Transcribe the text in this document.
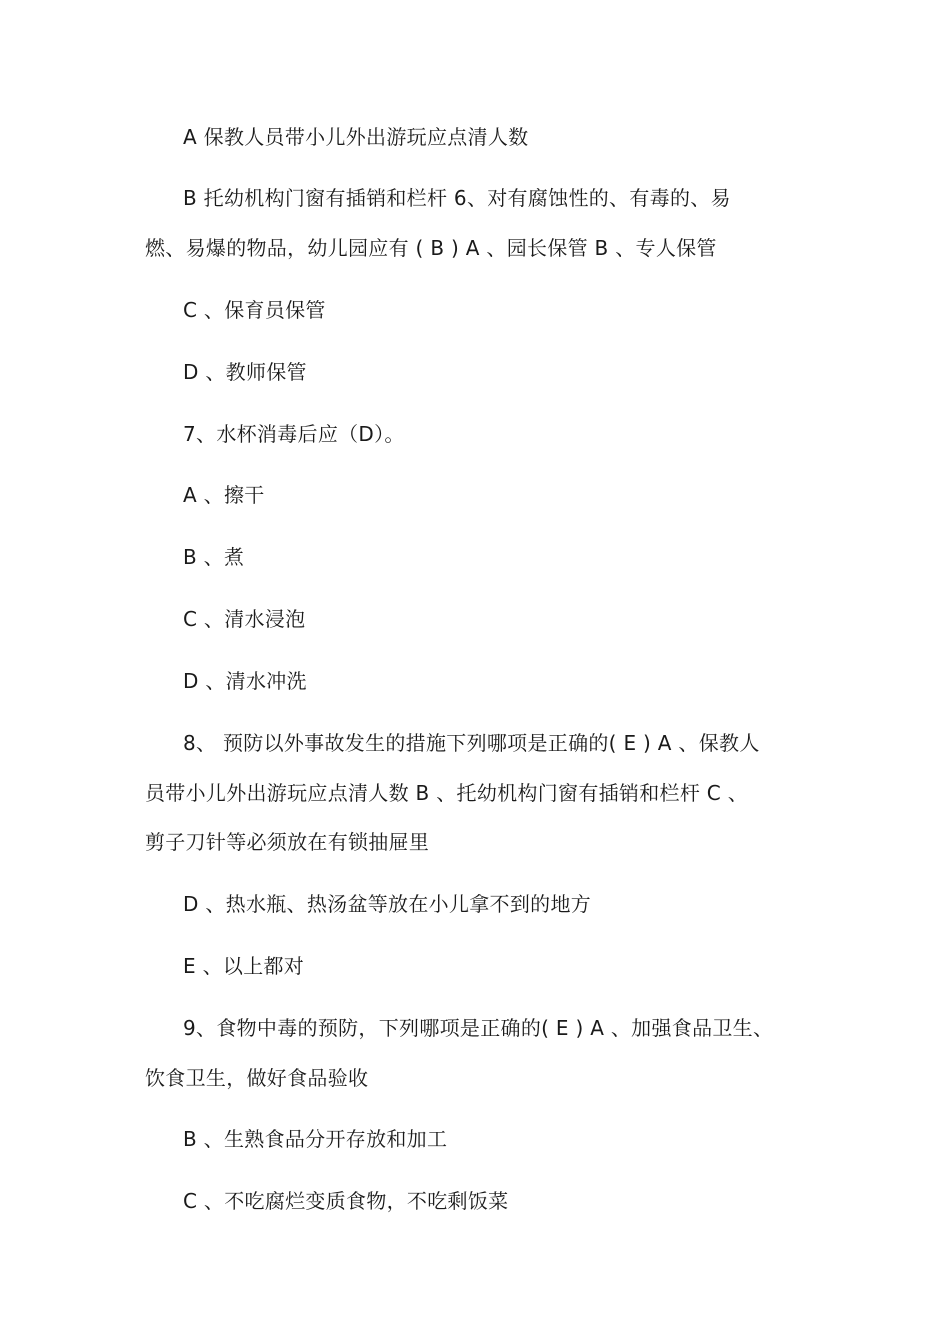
A 保教人员带小儿外出游玩应点清人数
B 托幼机构门窗有插销和栏杆 6、对有腐蚀性的、有毒的、易
燃、易爆的物品，幼儿园应有 ( B ) A 、园长保管 B 、专人保管
C 、保育员保管
D 、教师保管
7、水杯消毒后应（D）。
A 、擦干
B 、煮
C 、清水浸泡
D 、清水冲洗
8、 预防以外事故发生的措施下列哪项是正确的( E ) A 、保教人
员带小儿外出游玩应点清人数 B 、托幼机构门窗有插销和栏杆 C 、
剪子刀针等必须放在有锁抽屉里
D 、热水瓶、热汤盆等放在小儿拿不到的地方
E 、以上都对
9、食物中毒的预防，下列哪项是正确的( E ) A 、加强食品卫生、
饮食卫生，做好食品验收
B 、生熟食品分开存放和加工
C 、不吃腐烂变质食物，不吃剩饭菜
